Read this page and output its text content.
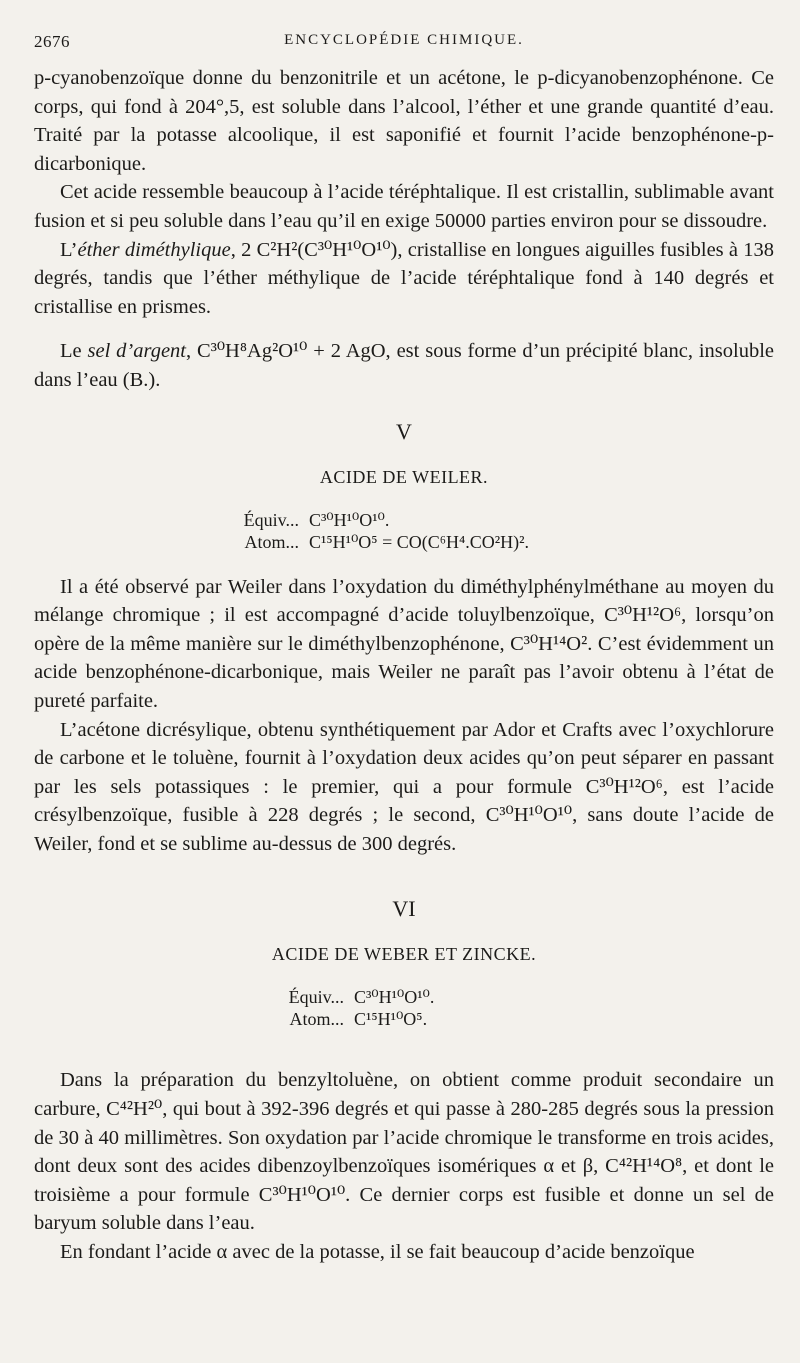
2676	ENCYCLOPÉDIE CHIMIQUE.

p-cyanobenzoïque donne du benzonitrile et un acétone, le p-dicyanobenzophénone. Ce corps, qui fond à 204°,5, est soluble dans l’alcool, l’éther et une grande quantité d’eau. Traité par la potasse alcoolique, il est saponifié et fournit l’acide benzophénone-p-dicarbonique.

Cet acide ressemble beaucoup à l’acide téréphtalique. Il est cristallin, sublimable avant fusion et si peu soluble dans l’eau qu’il en exige 50000 parties environ pour se dissoudre.

L’éther diméthylique, 2 C²H²(C³⁰H¹⁰O¹⁰), cristallise en longues aiguilles fusibles à 138 degrés, tandis que l’éther méthylique de l’acide téréphtalique fond à 140 degrés et cristallise en prismes.

Le sel d’argent, C³⁰H⁸Ag²O¹⁰ + 2 AgO, est sous forme d’un précipité blanc, insoluble dans l’eau (B.).

V
ACIDE DE WEILER.
Équiv... C³⁰H¹⁰O¹⁰.
Atom... C¹⁵H¹⁰O⁵ = CO(C⁶H⁴.CO²H)².

Il a été observé par Weiler dans l’oxydation du diméthylphénylméthane au moyen du mélange chromique ; il est accompagné d’acide toluylbenzoïque, C³⁰H¹²O⁶, lorsqu’on opère de la même manière sur le diméthylbenzophénone, C³⁰H¹⁴O². C’est évidemment un acide benzophénone-dicarbonique, mais Weiler ne paraît pas l’avoir obtenu à l’état de pureté parfaite.

L’acétone dicrésylique, obtenu synthétiquement par Ador et Crafts avec l’oxychlorure de carbone et le toluène, fournit à l’oxydation deux acides qu’on peut séparer en passant par les sels potassiques : le premier, qui a pour formule C³⁰H¹²O⁶, est l’acide crésylbenzoïque, fusible à 228 degrés ; le second, C³⁰H¹⁰O¹⁰, sans doute l’acide de Weiler, fond et se sublime au-dessus de 300 degrés.

VI
ACIDE DE WEBER ET ZINCKE.
Équiv... C³⁰H¹⁰O¹⁰.
Atom... C¹⁵H¹⁰O⁵.

Dans la préparation du benzyltoluène, on obtient comme produit secondaire un carbure, C⁴²H²⁰, qui bout à 392-396 degrés et qui passe à 280-285 degrés sous la pression de 30 à 40 millimètres. Son oxydation par l’acide chromique le transforme en trois acides, dont deux sont des acides dibenzoylbenzoïques isomériques α et β, C⁴²H¹⁴O⁸, et dont le troisième a pour formule C³⁰H¹⁰O¹⁰. Ce dernier corps est fusible et donne un sel de baryum soluble dans l’eau.

En fondant l’acide α avec de la potasse, il se fait beaucoup d’acide benzoïque
